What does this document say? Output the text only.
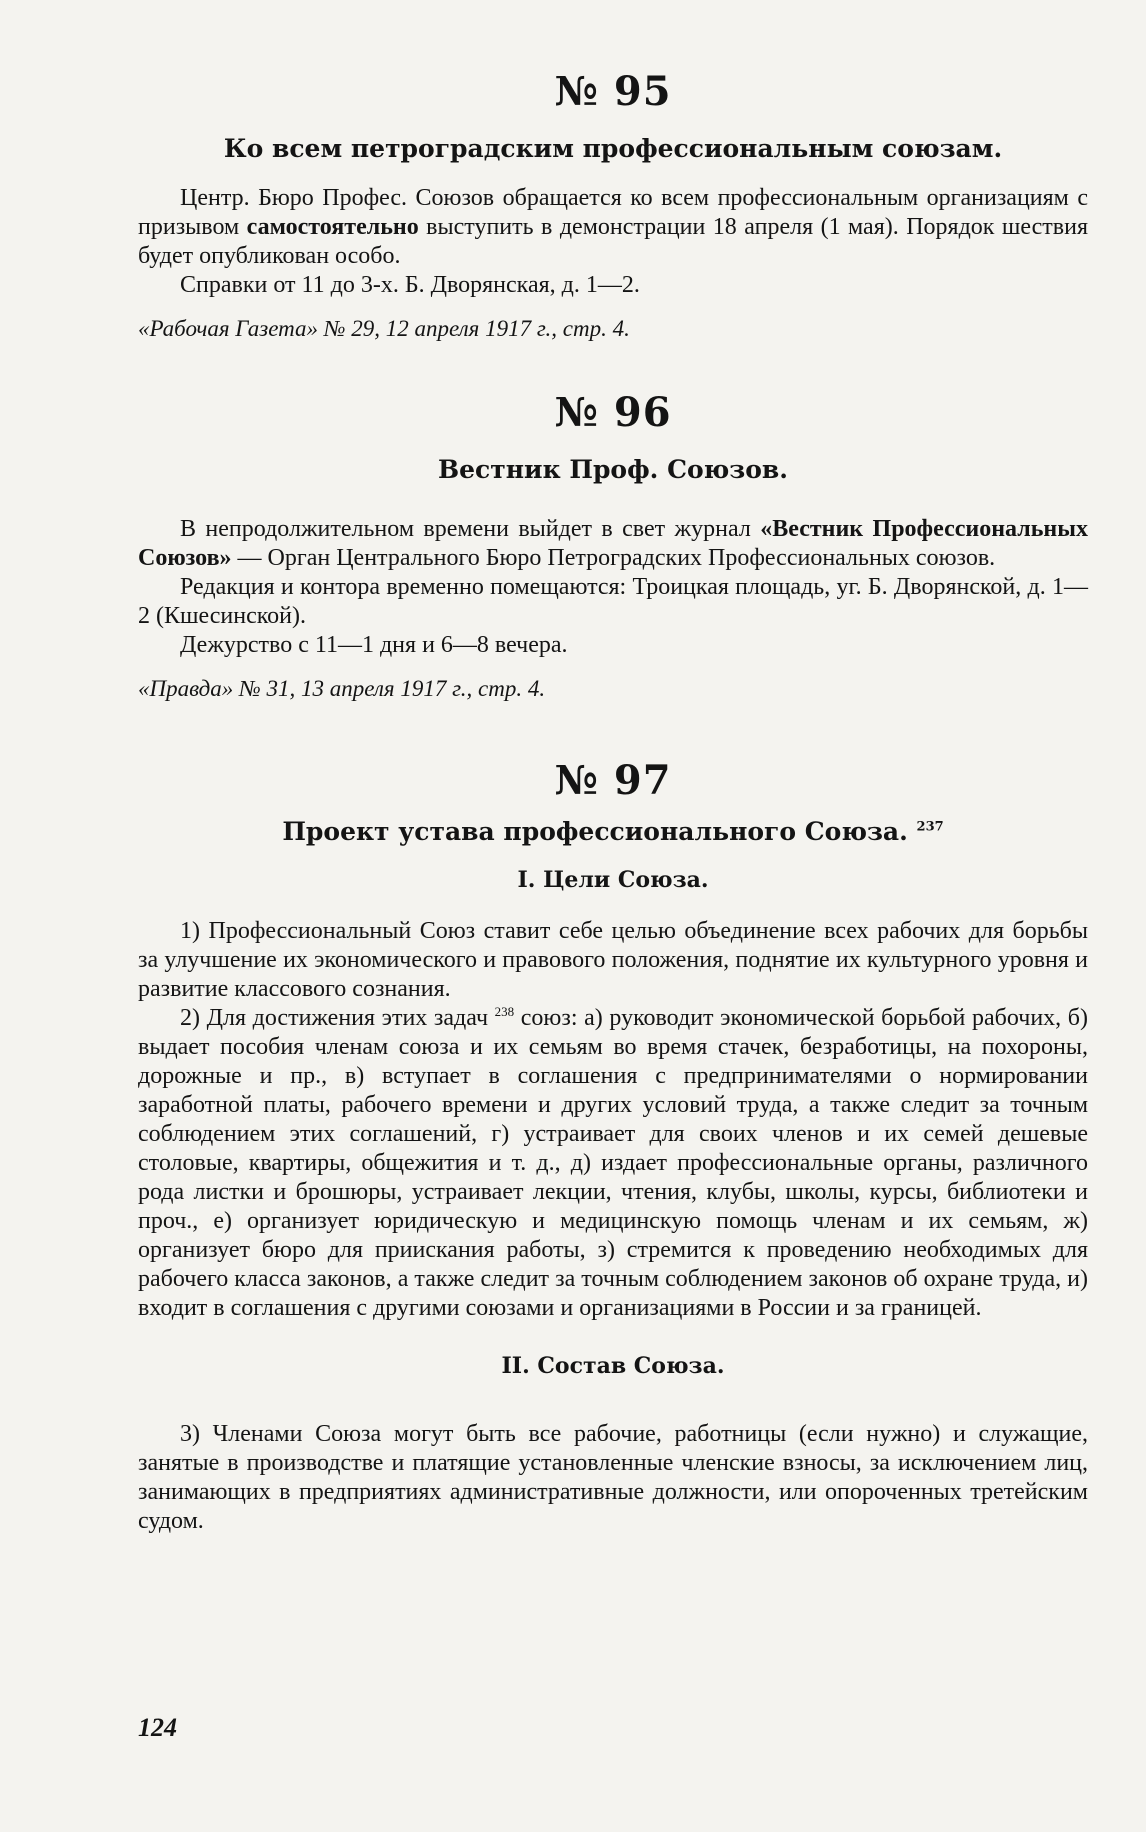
№ 95
Ко всем петроградским профессиональным союзам.

Центр. Бюро Профес. Союзов обращается ко всем профессиональным организациям с призывом самостоятельно выступить в демонстрации 18 апреля (1 мая). Порядок шествия будет опубликован особо.

Справки от 11 до 3-х. Б. Дворянская, д. 1—2.

«Рабочая Газета» № 29, 12 апреля 1917 г., стр. 4.

№ 96
Вестник Проф. Союзов.

В непродолжительном времени выйдет в свет журнал «Вестник Профессиональных Союзов» — Орган Центрального Бюро Петроградских Профессиональных союзов.

Редакция и контора временно помещаются: Троицкая площадь, уг. Б. Дворянской, д. 1—2 (Кшесинской).

Дежурство с 11—1 дня и 6—8 вечера.

«Правда» № 31, 13 апреля 1917 г., стр. 4.

№ 97
Проект устава профессионального Союза. $^{237}$
I. Цели Союза.

1) Профессиональный Союз ставит себе целью объединение всех рабочих для борьбы за улучшение их экономического и правового положения, поднятие их культурного уровня и развитие классового сознания.

2) Для достижения этих задач $^{238}$ союз: а) руководит экономической борьбой рабочих, б) выдает пособия членам союза и их семьям во время стачек, безработицы, на похороны, дорожные и пр., в) вступает в соглашения с предпринимателями о нормировании заработной платы, рабочего времени и других условий труда, а также следит за точным соблюдением этих соглашений, г) устраивает для своих членов и их семей дешевые столовые, квартиры, общежития и т. д., д) издает профессиональные органы, различного рода листки и брошюры, устраивает лекции, чтения, клубы, школы, курсы, библиотеки и проч., е) организует юридическую и медицинскую помощь членам и их семьям, ж) организует бюро для приискания работы, з) стремится к проведению необходимых для рабочего класса законов, а также следит за точным соблюдением законов об охране труда, и) входит в соглашения с другими союзами и организациями в России и за границей.

II. Состав Союза.

3) Членами Союза могут быть все рабочие, работницы (если нужно) и служащие, занятые в производстве и платящие установленные членские взносы, за исключением лиц, занимающих в предприятиях административные должности, или опороченных третейским судом.

124
